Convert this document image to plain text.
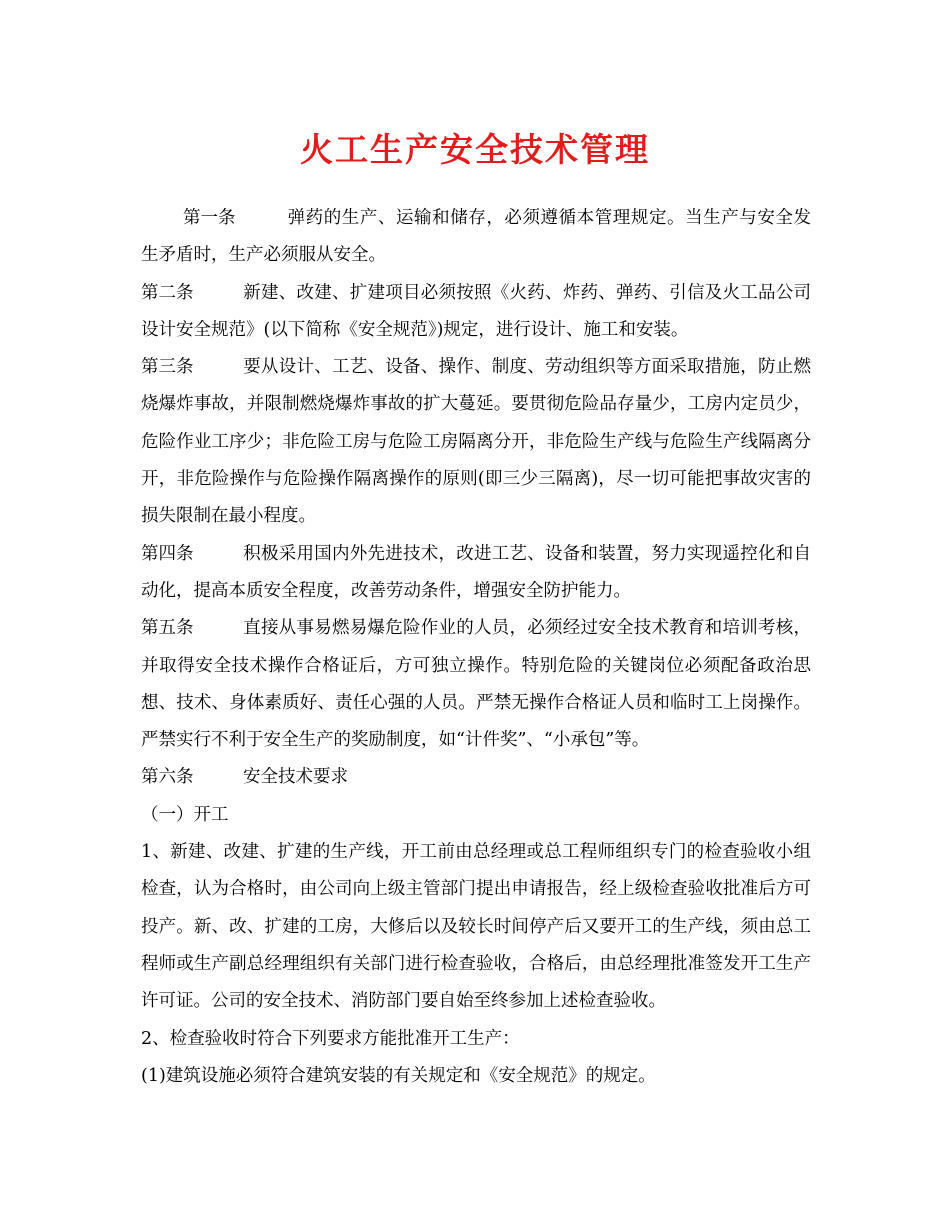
火工生产安全技术管理

第一条	弹药的生产、运输和储存，必须遵循本管理规定。当生产与安全发生矛盾时，生产必须服从安全。

第二条	新建、改建、扩建项目必须按照《火药、炸药、弹药、引信及火工品公司设计安全规范》(以下简称《安全规范》)规定，进行设计、施工和安装。

第三条	要从设计、工艺、设备、操作、制度、劳动组织等方面采取措施，防止燃烧爆炸事故，并限制燃烧爆炸事故的扩大蔓延。要贯彻危险品存量少，工房内定员少，危险作业工序少；非危险工房与危险工房隔离分开，非危险生产线与危险生产线隔离分开，非危险操作与危险操作隔离操作的原则(即三少三隔离)，尽一切可能把事故灾害的损失限制在最小程度。

第四条	积极采用国内外先进技术，改进工艺、设备和装置，努力实现遥控化和自动化，提高本质安全程度，改善劳动条件，增强安全防护能力。

第五条	直接从事易燃易爆危险作业的人员，必须经过安全技术教育和培训考核，并取得安全技术操作合格证后，方可独立操作。特别危险的关键岗位必须配备政治思想、技术、身体素质好、责任心强的人员。严禁无操作合格证人员和临时工上岗操作。严禁实行不利于安全生产的奖励制度，如“计件奖”、“小承包”等。

第六条	安全技术要求

（一）开工

1、新建、改建、扩建的生产线，开工前由总经理或总工程师组织专门的检查验收小组检查，认为合格时，由公司向上级主管部门提出申请报告，经上级检查验收批准后方可投产。新、改、扩建的工房，大修后以及较长时间停产后又要开工的生产线，须由总工程师或生产副总经理组织有关部门进行检查验收，合格后，由总经理批准签发开工生产许可证。公司的安全技术、消防部门要自始至终参加上述检查验收。

2、检查验收时符合下列要求方能批准开工生产：

(1)建筑设施必须符合建筑安装的有关规定和《安全规范》的规定。
